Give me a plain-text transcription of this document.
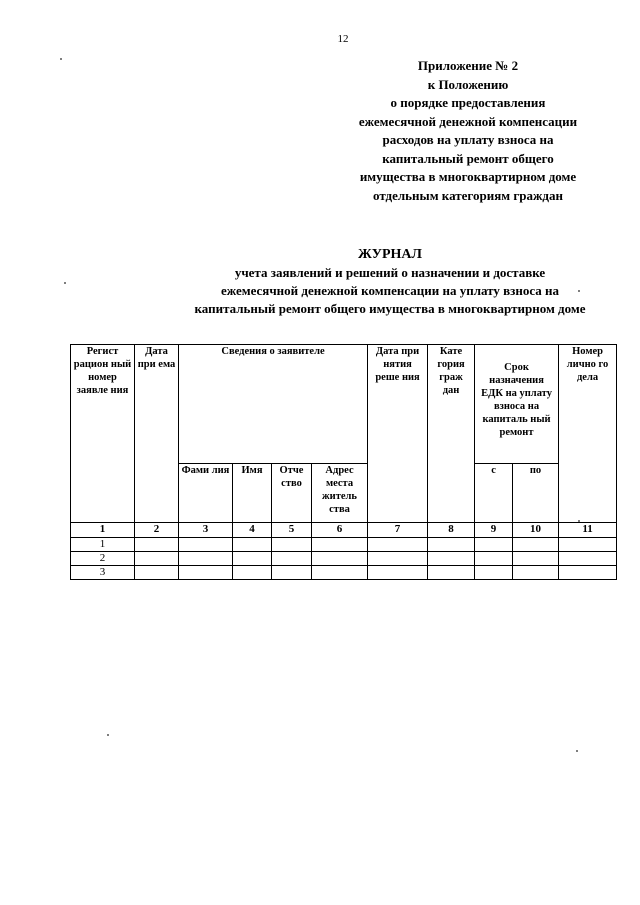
12
Приложение № 2
к Положению
о порядке предоставления
ежемесячной денежной компенсации
расходов на уплату взноса на
капитальный ремонт общего
имущества в многоквартирном доме
отдельным категориям граждан
ЖУРНАЛ
учета заявлений и решений о назначении и доставке
ежемесячной денежной компенсации на уплату взноса на
капитальный ремонт общего имущества в многоквартирном доме
Регист рацион ный номер заявле ния	Дата при ема	Сведения о заявителе				Дата при нятия реше ния	Кате гория граж дан	Срок назначения ЕДК на уплату взноса на капиталь ный ремонт		Номер лично го дела
		Фами лия	Имя	Отче ство	Адрес места житель ства			с	по	
1	2	3	4	5	6	7	8	9	10	11
1										
2										
3										
